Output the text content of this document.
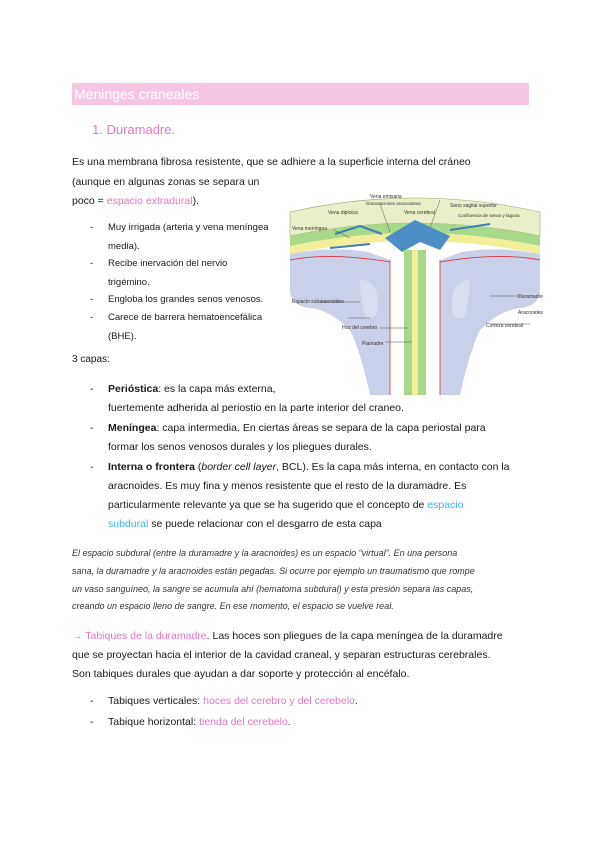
Meninges craneales
1. Duramadre.
Es una membrana fibrosa resistente, que se adhiere a la superficie interna del cráneo
(aunque en algunas zonas se separa un
poco = espacio extradural).
- Muy irrigada (arteria y vena meníngea
media).
- Recibe inervación del nervio
trigémino.
- Engloba los grandes senos venosos.
- Carece de barrera hematoencefálica
(BHE).
Vena emisaria
Granulaciones aracnoideas
Vena diploica	Vena cerebral
Seno sagital superior
Confluencia de senos y laguna
Vena meníngea
Duramadre
Aracnoides
Espacio subaracnoideo
Hoz del cerebro
Piamadre
Corteza cerebral
3 capas:
- Perióstica: es la capa más externa,
fuertemente adherida al periostio en la parte interior del craneo.
- Meníngea: capa intermedia. En ciertas áreas se separa de la capa periostal para
formar los senos venosos durales y los pliegues durales.
- Interna o frontera (border cell layer, BCL). Es la capa más interna, en contacto con la
aracnoides. Es muy fina y menos resistente que el resto de la duramadre. Es
particularmente relevante ya que se ha sugerido que el concepto de espacio
subdural se puede relacionar con el desgarro de esta capa
El espacio subdural (entre la duramadre y la aracnoides) es un espacio “virtual”. En una persona
sana, la duramadre y la aracnoides están pegadas. Si ocurre por ejemplo un traumatismo que rompe
un vaso sanguíneo, la sangre se acumula ahí (hematoma subdural) y esta presión separa las capas,
creando un espacio lleno de sangre. En ese momento, el espacio se vuelve real.
→ Tabiques de la duramadre. Las hoces son pliegues de la capa meníngea de la duramadre
que se proyectan hacia el interior de la cavidad craneal, y separan estructuras cerebrales.
Son tabiques durales que ayudan a dar soporte y protección al encéfalo.
- Tabiques verticales: hoces del cerebro y del cerebelo.
- Tabique horizontal: tienda del cerebelo.
